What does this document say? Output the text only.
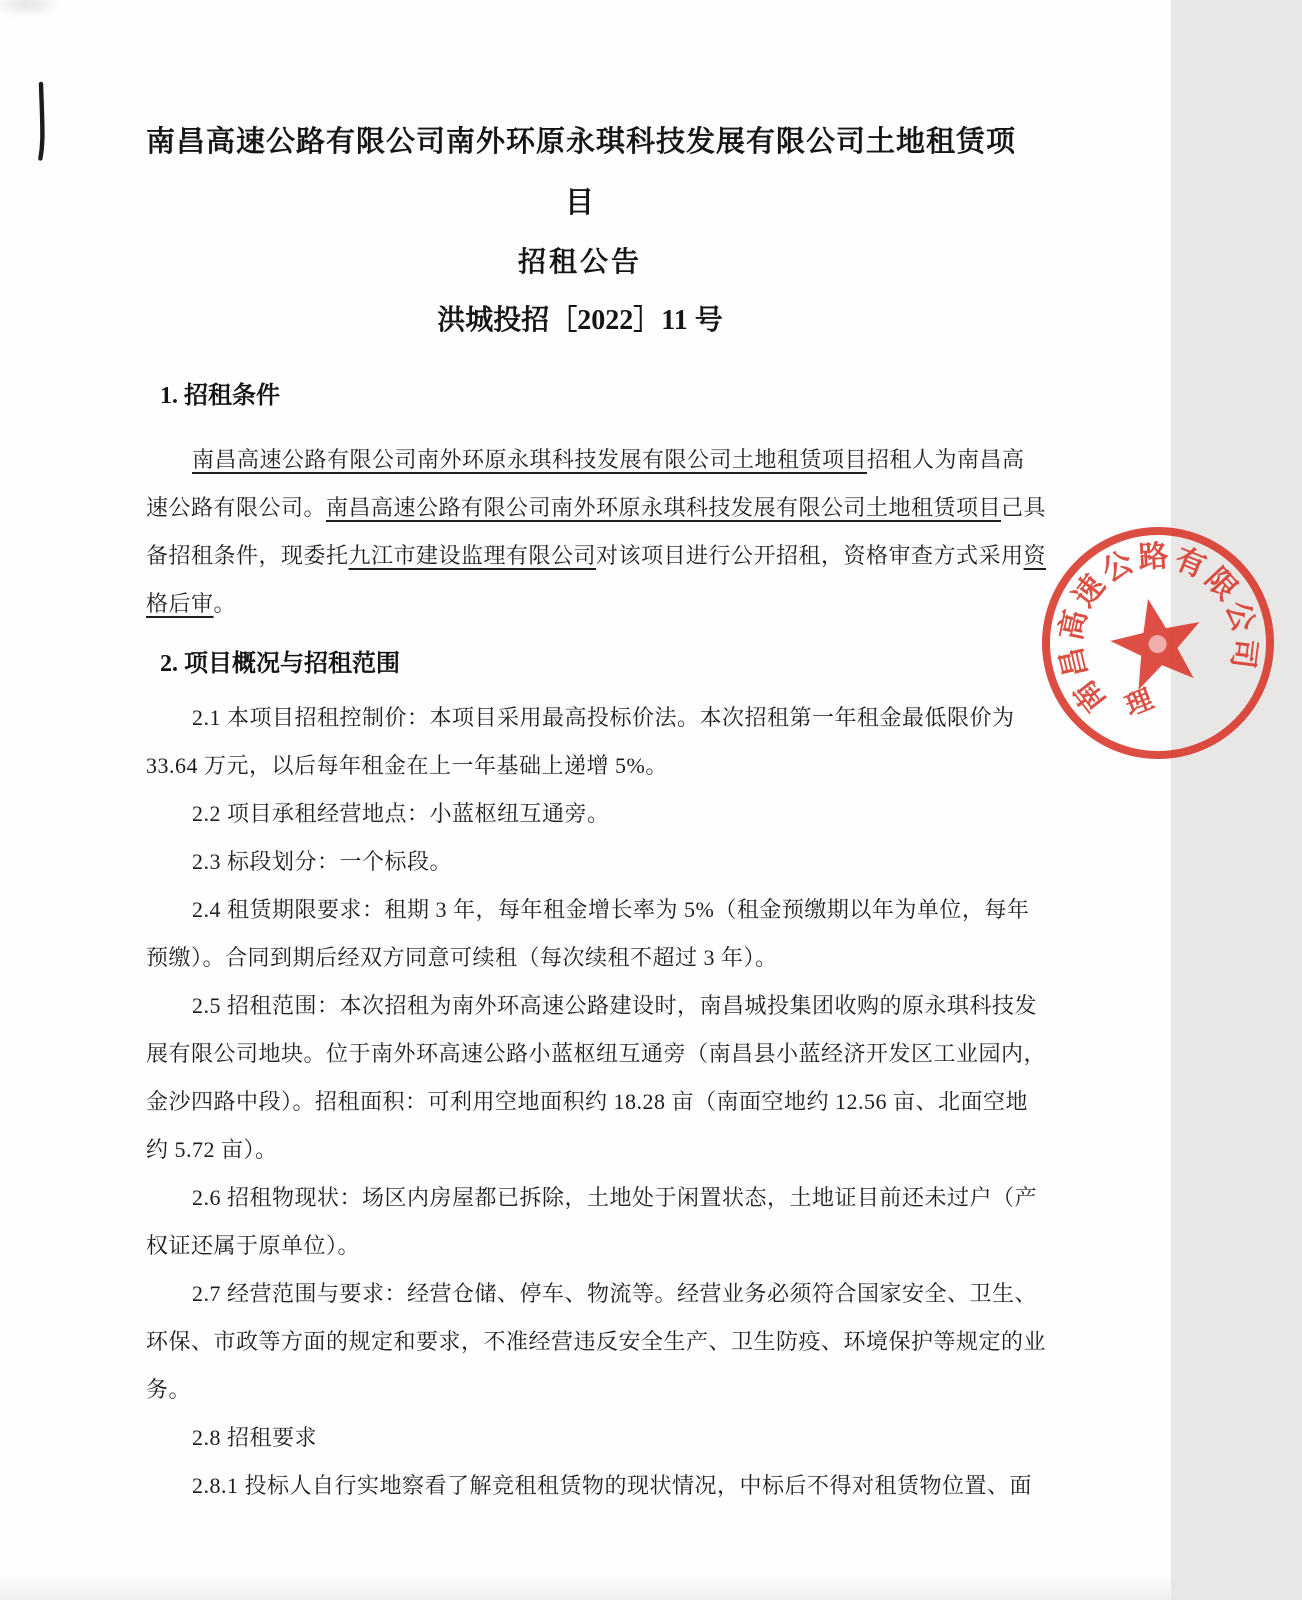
南昌高速公路有限公司南外环原永琪科技发展有限公司土地租赁项
目
招租公告
洪城投招［2022］11 号
1. 招租条件
南昌高速公路有限公司南外环原永琪科技发展有限公司土地租赁项目招租人为南昌高
速公路有限公司。南昌高速公路有限公司南外环原永琪科技发展有限公司土地租赁项目己具
备招租条件，现委托九江市建设监理有限公司对该项目进行公开招租，资格审查方式采用资
格后审。
2. 项目概况与招租范围
2.1 本项目招租控制价：本项目采用最高投标价法。本次招租第一年租金最低限价为
33.64 万元，以后每年租金在上一年基础上递增 5%。
2.2 项目承租经营地点：小蓝枢纽互通旁。
2.3 标段划分：一个标段。
2.4 租赁期限要求：租期 3 年，每年租金增长率为 5%（租金预缴期以年为单位，每年
预缴）。合同到期后经双方同意可续租（每次续租不超过 3 年）。
2.5 招租范围：本次招租为南外环高速公路建设时，南昌城投集团收购的原永琪科技发
展有限公司地块。位于南外环高速公路小蓝枢纽互通旁（南昌县小蓝经济开发区工业园内，
金沙四路中段）。招租面积：可利用空地面积约 18.28 亩（南面空地约 12.56 亩、北面空地
约 5.72 亩）。
2.6 招租物现状：场区内房屋都已拆除，土地处于闲置状态，土地证目前还未过户（产
权证还属于原单位）。
2.7 经营范围与要求：经营仓储、停车、物流等。经营业务必须符合国家安全、卫生、
环保、市政等方面的规定和要求，不准经营违反安全生产、卫生防疫、环境保护等规定的业
务。
2.8 招租要求
2.8.1 投标人自行实地察看了解竞租租赁物的现状情况，中标后不得对租赁物位置、面
南
昌
高
速
公 路 有
限
公
司
理
